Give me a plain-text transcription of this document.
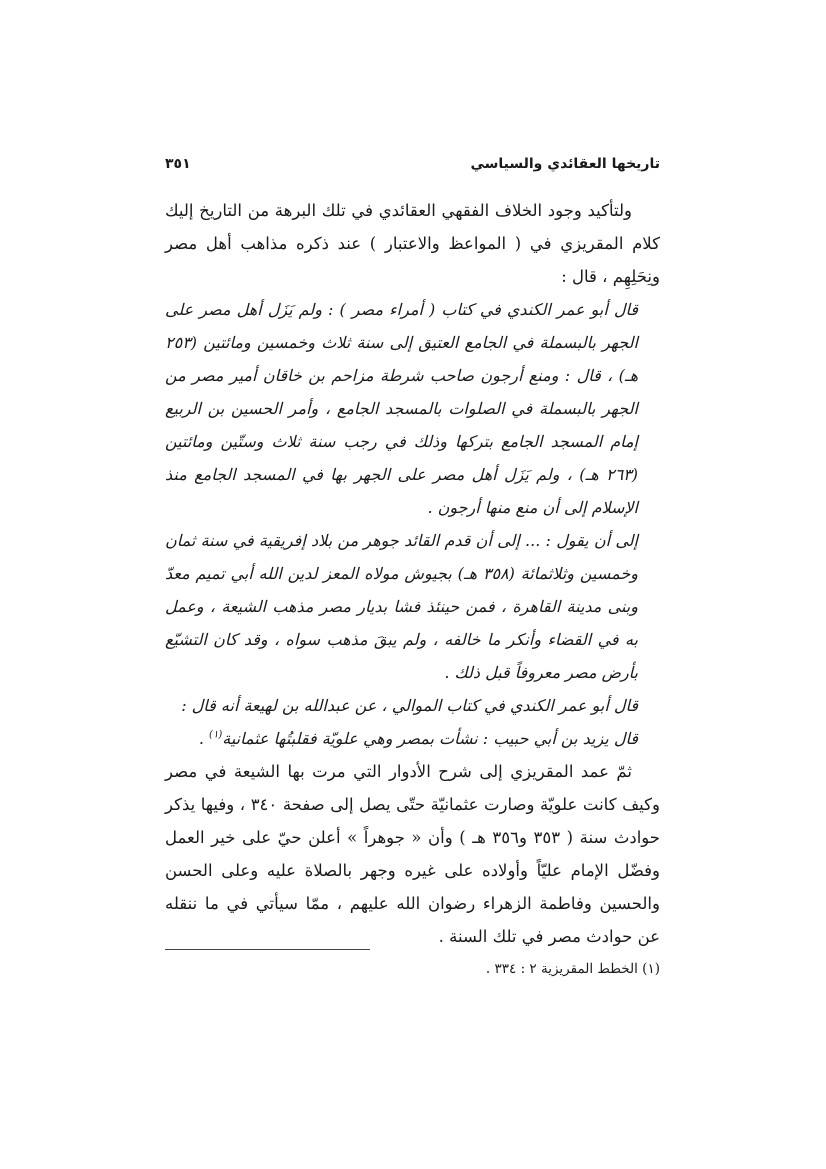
تاريخها العقائدي والسياسي
٣٥١

ولتأكيد وجود الخلاف الفقهي العقائدي في تلك البرهة من التاريخ إليك كلام المقريزي في ( المواعظ والاعتبار ) عند ذكره مذاهب أهل مصر ونِحَلِهِم ، قال :

قال أبو عمر الكندي في كتاب ( أمراء مصر ) : ولم يَزَل أهل مصر على الجهر بالبسملة في الجامع العتيق إلى سنة ثلاث وخمسين ومائتين (٢٥٣ هـ) ، قال : ومنع أرجون صاحب شرطة مزاحم بن خاقان أمير مصر من الجهر بالبسملة في الصلوات بالمسجد الجامع ، وأمر الحسين بن الربيع إمام المسجد الجامع بتركها وذلك في رجب سنة ثلاث وستّين ومائتين (٢٦٣ هـ) ، ولم يَزَل أهل مصر على الجهر بها في المسجد الجامع منذ الإسلام إلى أن منع منها أرجون .

إلى أن يقول : ... إلى أن قدم القائد جوهر من بلاد إفريقية في سنة ثمان وخمسين وثلاثمائة (٣٥٨ هـ) بجيوش مولاه المعز لدين الله أبي تميم معدّ وبنى مدينة القاهرة ، فمن حينئذ فشا بديار مصر مذهب الشيعة ، وعمل به في القضاء وأنكر ما خالفه ، ولم يبقَ مذهب سواه ، وقد كان التشيّع بأرض مصر معروفاً قبل ذلك .

قال أبو عمر الكندي في كتاب الموالي ، عن عبدالله بن لهيعة أنه قال :
قال يزيد بن أبي حبيب : نشأت بمصر وهي علويّة فقلبتُها عثمانية$^{(١)}$ .

ثمّ عمد المقريزي إلى شرح الأدوار التي مرت بها الشيعة في مصر وكيف كانت علويّة وصارت عثمانيّة حتّى يصل إلى صفحة ٣٤٠ ، وفيها يذكر حوادث سنة ( ٣٥٣ و٣٥٦ هـ ) وأن « جوهراً » أعلن حيّ على خير العمل وفضّل الإمام عليّاً وأولاده على غيره وجهر بالصلاة عليه وعلى الحسن والحسين وفاطمة الزهراء رضوان الله عليهم ، ممّا سيأتي في ما ننقله عن حوادث مصر في تلك السنة .

(١) الخطط المقريزية ٢ : ٣٣٤ .
